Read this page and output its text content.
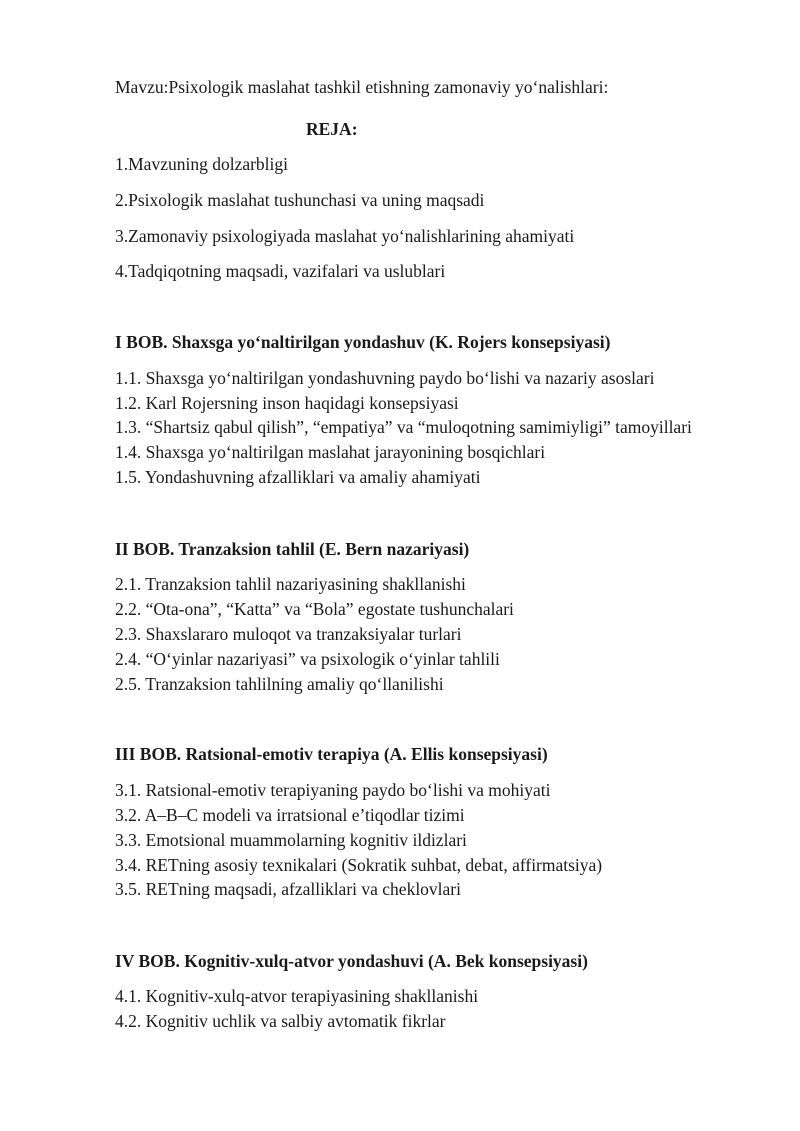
Mavzu:Psixologik maslahat tashkil etishning zamonaviy yo‘nalishlari:
REJA:
1.Mavzuning dolzarbligi
2.Psixologik maslahat tushunchasi va uning maqsadi
3.Zamonaviy psixologiyada maslahat yo‘nalishlarining ahamiyati
4.Tadqiqotning maqsadi, vazifalari va uslublari
I BOB. Shaxsga yo‘naltirilgan yondashuv (K. Rojers konsepsiyasi)
1.1. Shaxsga yo‘naltirilgan yondashuvning paydo bo‘lishi va nazariy asoslari
1.2. Karl Rojersning inson haqidagi konsepsiyasi
1.3. “Shartsiz qabul qilish”, “empatiya” va “muloqotning samimiyligi” tamoyillari
1.4. Shaxsga yo‘naltirilgan maslahat jarayonining bosqichlari
1.5. Yondashuvning afzalliklari va amaliy ahamiyati
II BOB. Tranzaksion tahlil (E. Bern nazariyasi)
2.1. Tranzaksion tahlil nazariyasining shakllanishi
2.2. “Ota-ona”, “Katta” va “Bola” egostate tushunchalari
2.3. Shaxslararo muloqot va tranzaksiyalar turlari
2.4. “O‘yinlar nazariyasi” va psixologik o‘yinlar tahlili
2.5. Tranzaksion tahlilning amaliy qo‘llanilishi
III BOB. Ratsional-emotiv terapiya (A. Ellis konsepsiyasi)
3.1. Ratsional-emotiv terapiyaning paydo bo‘lishi va mohiyati
3.2. A–B–C modeli va irratsional e’tiqodlar tizimi
3.3. Emotsional muammolarning kognitiv ildizlari
3.4. RETning asosiy texnikalari (Sokratik suhbat, debat, affirmatsiya)
3.5. RETning maqsadi, afzalliklari va cheklovlari
IV BOB. Kognitiv-xulq-atvor yondashuvi (A. Bek konsepsiyasi)
4.1. Kognitiv-xulq-atvor terapiyasining shakllanishi
4.2. Kognitiv uchlik va salbiy avtomatik fikrlar
